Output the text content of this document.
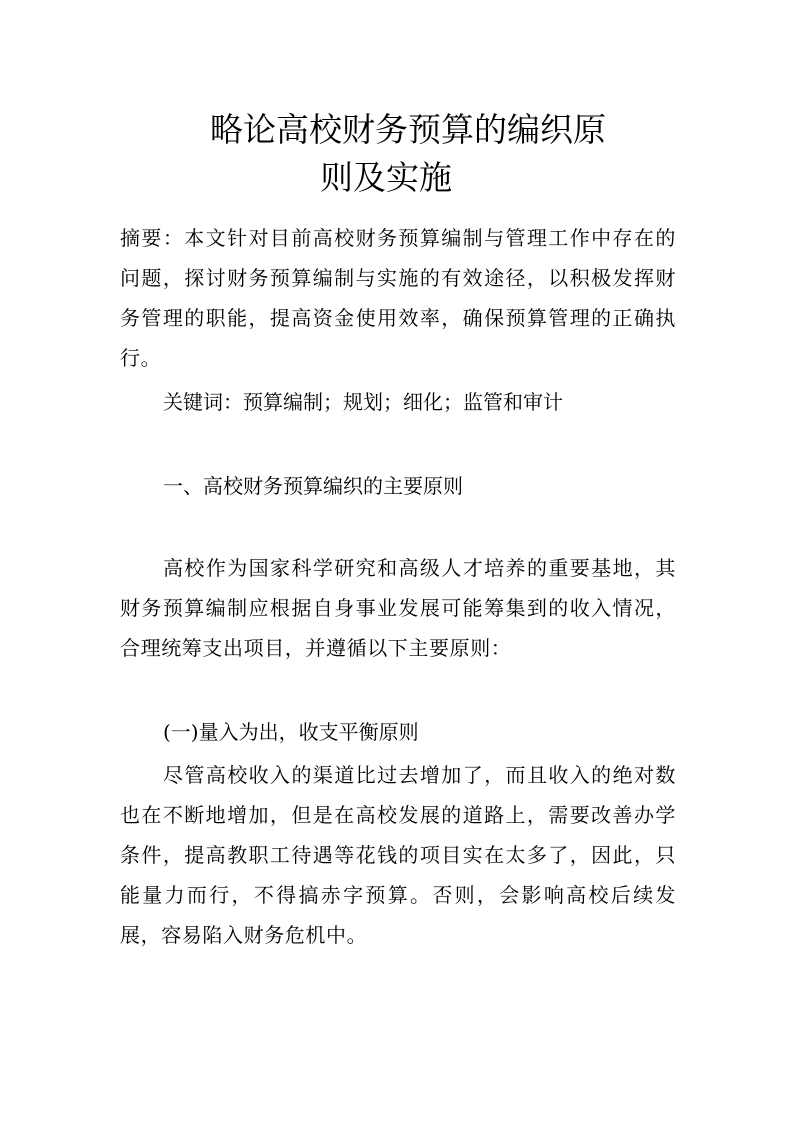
略论高校财务预算的编织原
则及实施

摘要：本文针对目前高校财务预算编制与管理工作中存在的问题，探讨财务预算编制与实施的有效途径，以积极发挥财务管理的职能，提高资金使用效率，确保预算管理的正确执行。

关键词：预算编制；规划；细化；监管和审计

一、高校财务预算编织的主要原则

高校作为国家科学研究和高级人才培养的重要基地，其财务预算编制应根据自身事业发展可能筹集到的收入情况，合理统筹支出项目，并遵循以下主要原则：

(一)量入为出，收支平衡原则

尽管高校收入的渠道比过去增加了，而且收入的绝对数也在不断地增加，但是在高校发展的道路上，需要改善办学条件，提高教职工待遇等花钱的项目实在太多了，因此，只能量力而行，不得搞赤字预算。否则，会影响高校后续发展，容易陷入财务危机中。
